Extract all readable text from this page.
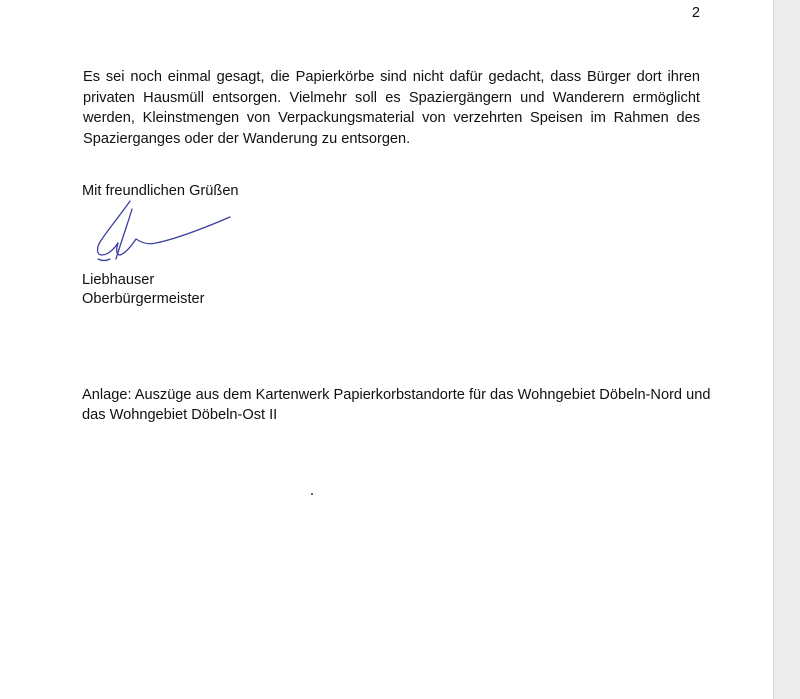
2
Es sei noch einmal gesagt, die Papierkörbe sind nicht dafür gedacht, dass Bürger dort ihren
privaten Hausmüll entsorgen. Vielmehr soll es Spaziergängern und Wanderern ermöglicht
werden, Kleinstmengen von Verpackungsmaterial von verzehrten Speisen im Rahmen des
Spazierganges oder der Wanderung zu entsorgen.
Mit freundlichen Grüßen
Liebhauser
Oberbürgermeister
Anlage: Auszüge aus dem Kartenwerk Papierkorbstandorte für das Wohngebiet Döbeln-Nord und
das Wohngebiet Döbeln-Ost II
